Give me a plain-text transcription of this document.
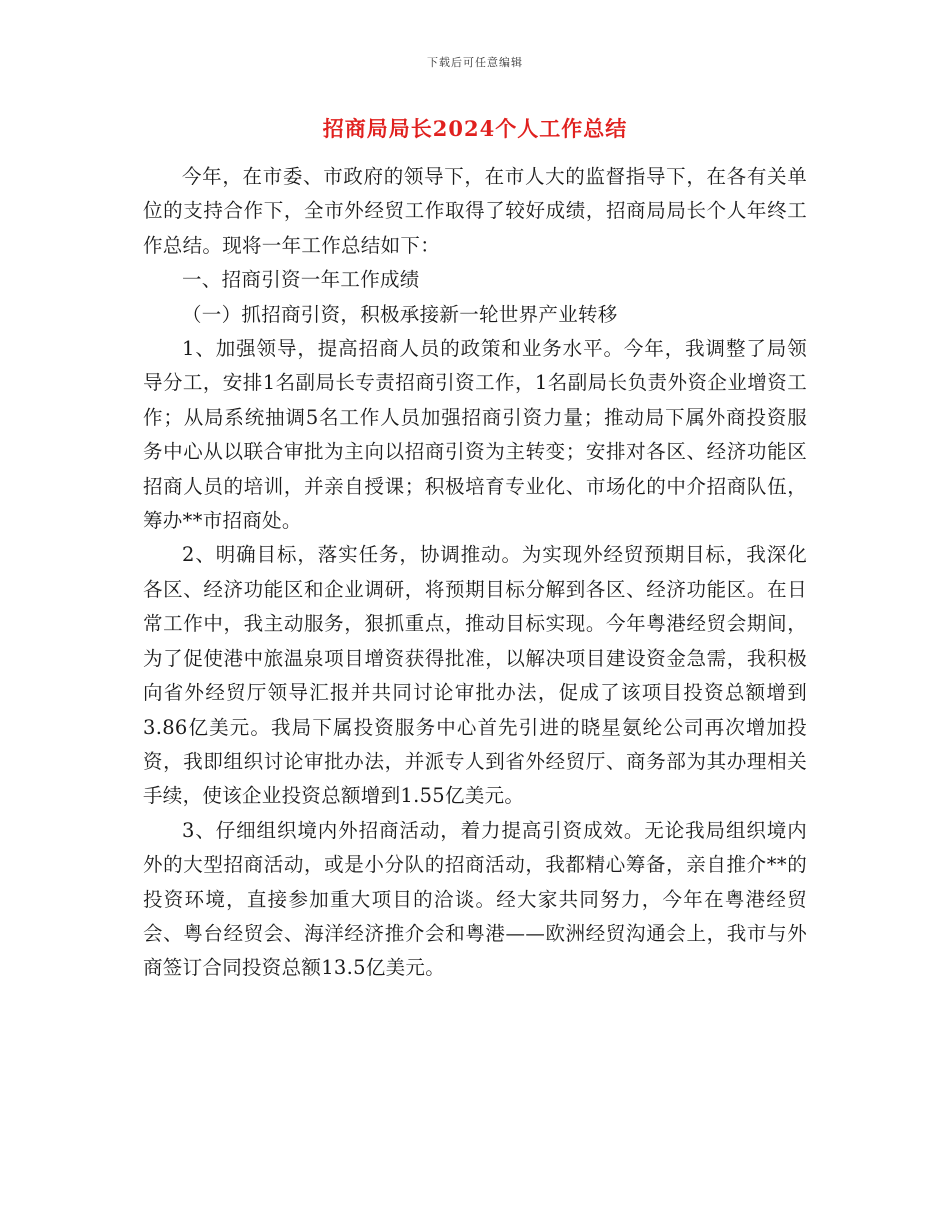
下载后可任意编辑
招商局局长2024个人工作总结

今年，在市委、市政府的领导下，在市人大的监督指导下，在各有关单位的支持合作下，全市外经贸工作取得了较好成绩，招商局局长个人年终工作总结。现将一年工作总结如下：

一、招商引资一年工作成绩

（一）抓招商引资，积极承接新一轮世界产业转移

1、加强领导，提高招商人员的政策和业务水平。今年，我调整了局领导分工，安排1名副局长专责招商引资工作，1名副局长负责外资企业增资工作；从局系统抽调5名工作人员加强招商引资力量；推动局下属外商投资服务中心从以联合审批为主向以招商引资为主转变；安排对各区、经济功能区招商人员的培训，并亲自授课；积极培育专业化、市场化的中介招商队伍，筹办**市招商处。

2、明确目标，落实任务，协调推动。为实现外经贸预期目标，我深化各区、经济功能区和企业调研，将预期目标分解到各区、经济功能区。在日常工作中，我主动服务，狠抓重点，推动目标实现。今年粤港经贸会期间，为了促使港中旅温泉项目增资获得批准，以解决项目建设资金急需，我积极向省外经贸厅领导汇报并共同讨论审批办法，促成了该项目投资总额增到3.86亿美元。我局下属投资服务中心首先引进的晓星氨纶公司再次增加投资，我即组织讨论审批办法，并派专人到省外经贸厅、商务部为其办理相关手续，使该企业投资总额增到1.55亿美元。

3、仔细组织境内外招商活动，着力提高引资成效。无论我局组织境内外的大型招商活动，或是小分队的招商活动，我都精心筹备，亲自推介**的投资环境，直接参加重大项目的洽谈。经大家共同努力，今年在粤港经贸会、粤台经贸会、海洋经济推介会和粤港——欧洲经贸沟通会上，我市与外商签订合同投资总额13.5亿美元。
